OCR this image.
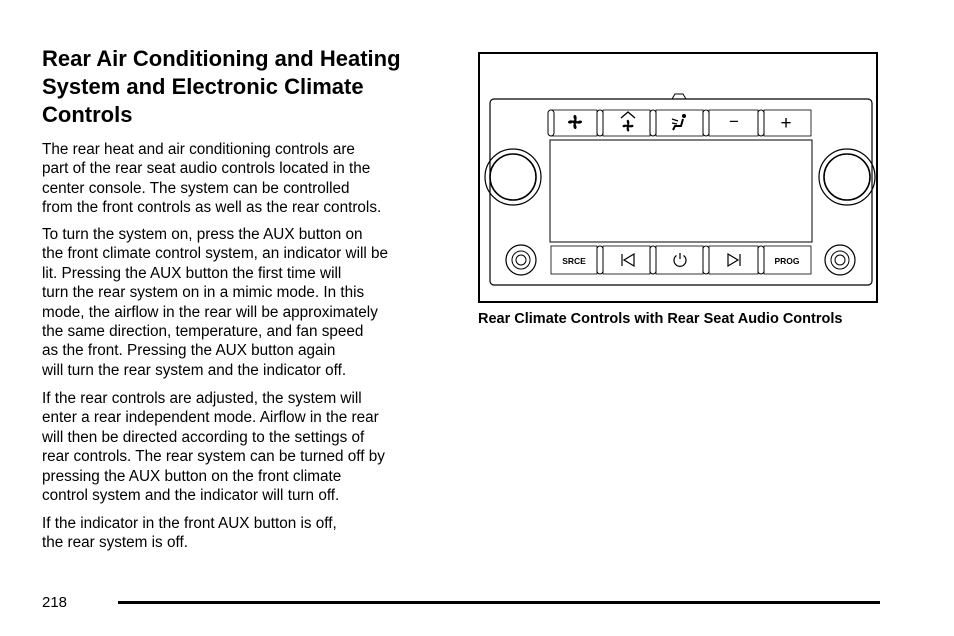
Rear Air Conditioning and Heating
System and Electronic Climate
Controls

The rear heat and air conditioning controls are
part of the rear seat audio controls located in the
center console. The system can be controlled
from the front controls as well as the rear controls.

To turn the system on, press the AUX button on
the front climate control system, an indicator will be
lit. Pressing the AUX button the first time will
turn the rear system on in a mimic mode. In this
mode, the airflow in the rear will be approximately
the same direction, temperature, and fan speed
as the front. Pressing the AUX button again
will turn the rear system and the indicator off.

If the rear controls are adjusted, the system will
enter a rear independent mode. Airflow in the rear
will then be directed according to the settings of
rear controls. The rear system can be turned off by
pressing the AUX button on the front climate
control system and the indicator will turn off.

If the indicator in the front AUX button is off,
the rear system is off.

− +
SRCE	PROG
Rear Climate Controls with Rear Seat Audio Controls
218
